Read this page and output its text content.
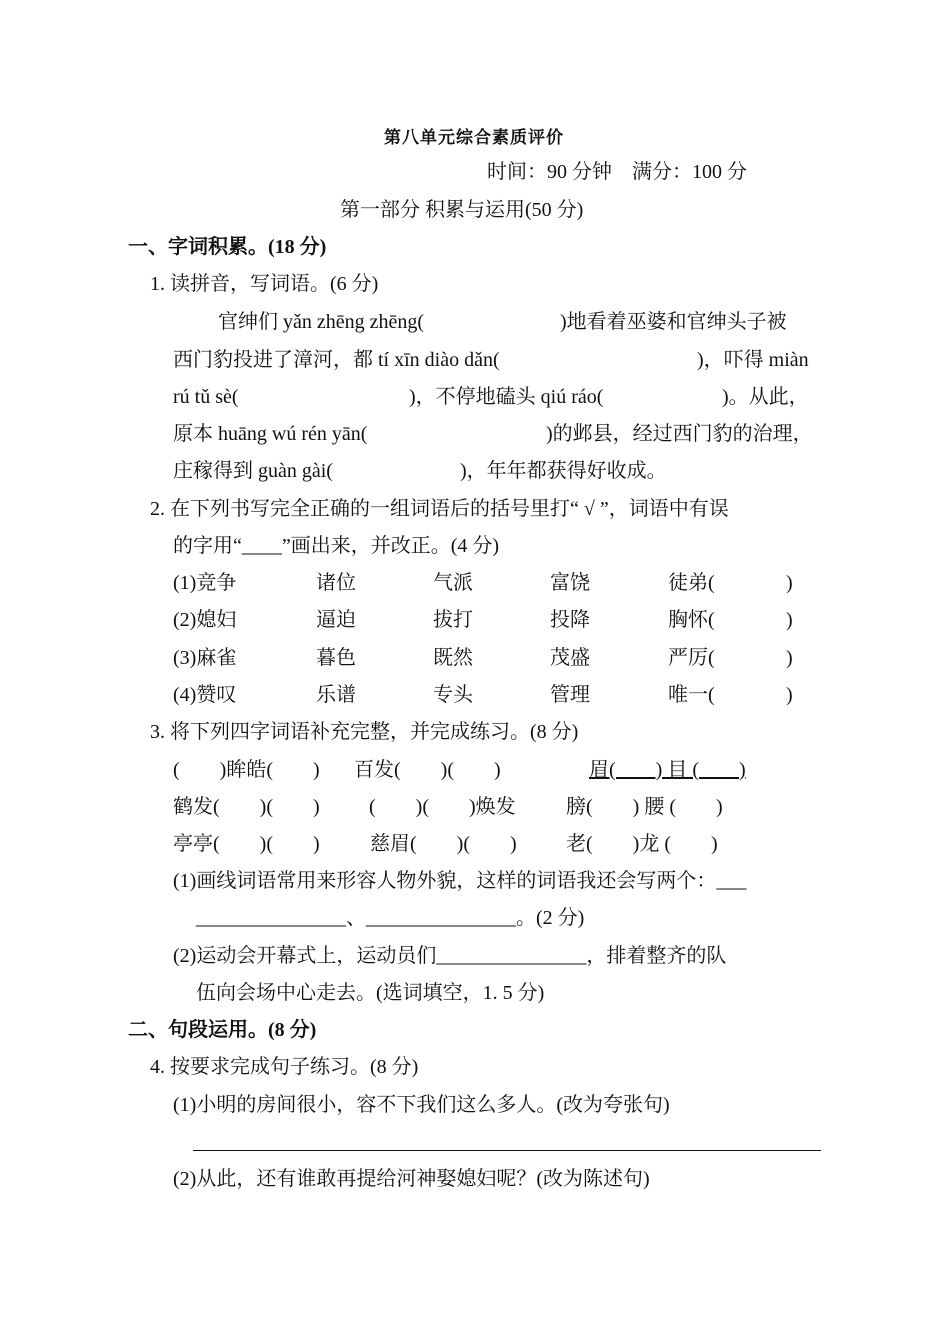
第八单元综合素质评价
时间：90 分钟　满分：100 分
第一部分 积累与运用(50 分)
一、字词积累。(18 分)
1. 读拼音，写词语。(6 分)
官绅们 yǎn zhēng zhēng(	)地看着巫婆和官绅头子被
西门豹投进了漳河，都 tí xīn diào dǎn(	)，吓得 miàn
rú tǔ sè(	)，不停地磕头 qiú ráo(	)。从此，
原本 huāng wú rén yān(	)的邺县，经过西门豹的治理，
庄稼得到 guàn gài(	)，年年都获得好收成。
2. 在下列书写完全正确的一组词语后的括号里打“ √ ”，词语中有误
的字用“____”画出来，并改正。(4 分)
(1)竞争	诸位	气派	富饶	徒弟(	)
(2)媳妇	逼迫	拔打	投降	胸怀(	)
(3)麻雀	暮色	既然	茂盛	严厉(	)
(4)赞叹	乐谱	专头	管理	唯一(	)
3. 将下列四字词语补充完整，并完成练习。(8 分)
(　　)眸皓(　　) 百发(　　)(　　)	眉(　　) 目 (　　)
鹤发(　　)(　　) (　　)(　　)焕发	膀(　　) 腰 (　　)
亭亭(　　)(　　)	慈眉(　　)(　　) 老(　　)龙 (　　)
(1)画线词语常用来形容人物外貌，这样的词语我还会写两个：___
_______________、_______________。(2 分)
(2)运动会开幕式上，运动员们_______________，排着整齐的队
伍向会场中心走去。(选词填空，1. 5 分)
二、句段运用。(8 分)
4. 按要求完成句子练习。(8 分)
(1)小明的房间很小，容不下我们这么多人。(改为夸张句)
(2)从此，还有谁敢再提给河神娶媳妇呢？(改为陈述句)
